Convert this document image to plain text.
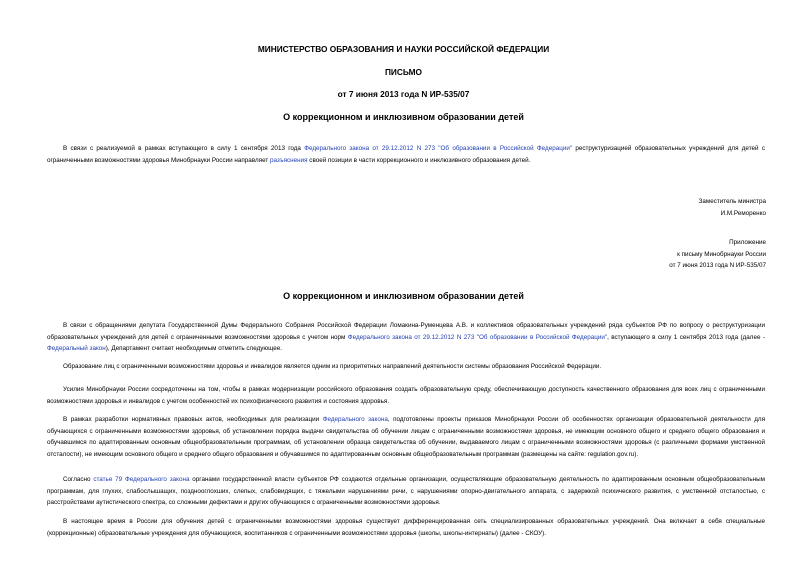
МИНИСТЕРСТВО ОБРАЗОВАНИЯ И НАУКИ РОССИЙСКОЙ ФЕДЕРАЦИИ
ПИСЬМО
от 7 июня 2013 года N ИР-535/07
О коррекционном и инклюзивном образовании детей

В связи с реализуемой в рамках вступающего в силу 1 сентября 2013 года Федерального закона от 29.12.2012 N 273 "Об образовании в Российской Федерации" реструктуризацией образовательных учреждений для детей с ограниченными возможностями здоровья Минобрнауки России направляет разъяснения своей позиции в части коррекционного и инклюзивного образования детей.

Заместитель министра
И.М.Реморенко
Приложение
к письму Минобрнауки России
от 7 июня 2013 года N ИР-535/07
О коррекционном и инклюзивном образовании детей

В связи с обращениями депутата Государственной Думы Федерального Собрания Российской Федерации Ломакина-Руменцева А.В. и коллективов образовательных учреждений ряда субъектов РФ по вопросу о реструктуризации образовательных учреждений для детей с ограниченными возможностями здоровья с учетом норм Федерального закона от 29.12.2012 N 273 "Об образовании в Российской Федерации", вступающего в силу 1 сентября 2013 года (далее - Федеральный закон), Департамент считает необходимым отметить следующее.

Образование лиц с ограниченными возможностями здоровья и инвалидов является одним из приоритетных направлений деятельности системы образования Российской Федерации.

Усилия Минобрнауки России сосредоточены на том, чтобы в рамках модернизации российского образования создать образовательную среду, обеспечивающую доступность качественного образования для всех лиц с ограниченными возможностями здоровья и инвалидов с учетом особенностей их психофизического развития и состояния здоровья.

В рамках разработки нормативных правовых актов, необходимых для реализации Федерального закона, подготовлены проекты приказов Минобрнауки России об особенностях организации образовательной деятельности для обучающихся с ограниченными возможностями здоровья, об установлении порядка выдачи свидетельства об обучении лицам с ограниченными возможностями здоровья, не имеющим основного общего и среднего общего образования и обучавшимся по адаптированным основным общеобразовательным программам, об установлении образца свидетельства об обучении, выдаваемого лицам с ограниченными возможностями здоровья (с различными формами умственной отсталости), не имеющим основного общего и среднего общего образования и обучавшимся по адаптированным основным общеобразовательным программам (размещены на сайте: regulation.gov.ru).

Согласно статье 79 Федерального закона органами государственной власти субъектов РФ создаются отдельные организации, осуществляющие образовательную деятельность по адаптированным основным общеобразовательным программам, для глухих, слабослышащих, позднооглохших, слепых, слабовидящих, с тяжелыми нарушениями речи, с нарушениями опорно-двигательного аппарата, с задержкой психического развития, с умственной отсталостью, с расстройствами аутистического спектра, со сложными дефектами и других обучающихся с ограниченными возможностями здоровья.

В настоящее время в России для обучения детей с ограниченными возможностями здоровья существует дифференцированная сеть специализированных образовательных учреждений. Она включает в себя специальные (коррекционные) образовательные учреждения для обучающихся, воспитанников с ограниченными возможностями здоровья (школы, школы-интернаты) (далее - СКОУ).
